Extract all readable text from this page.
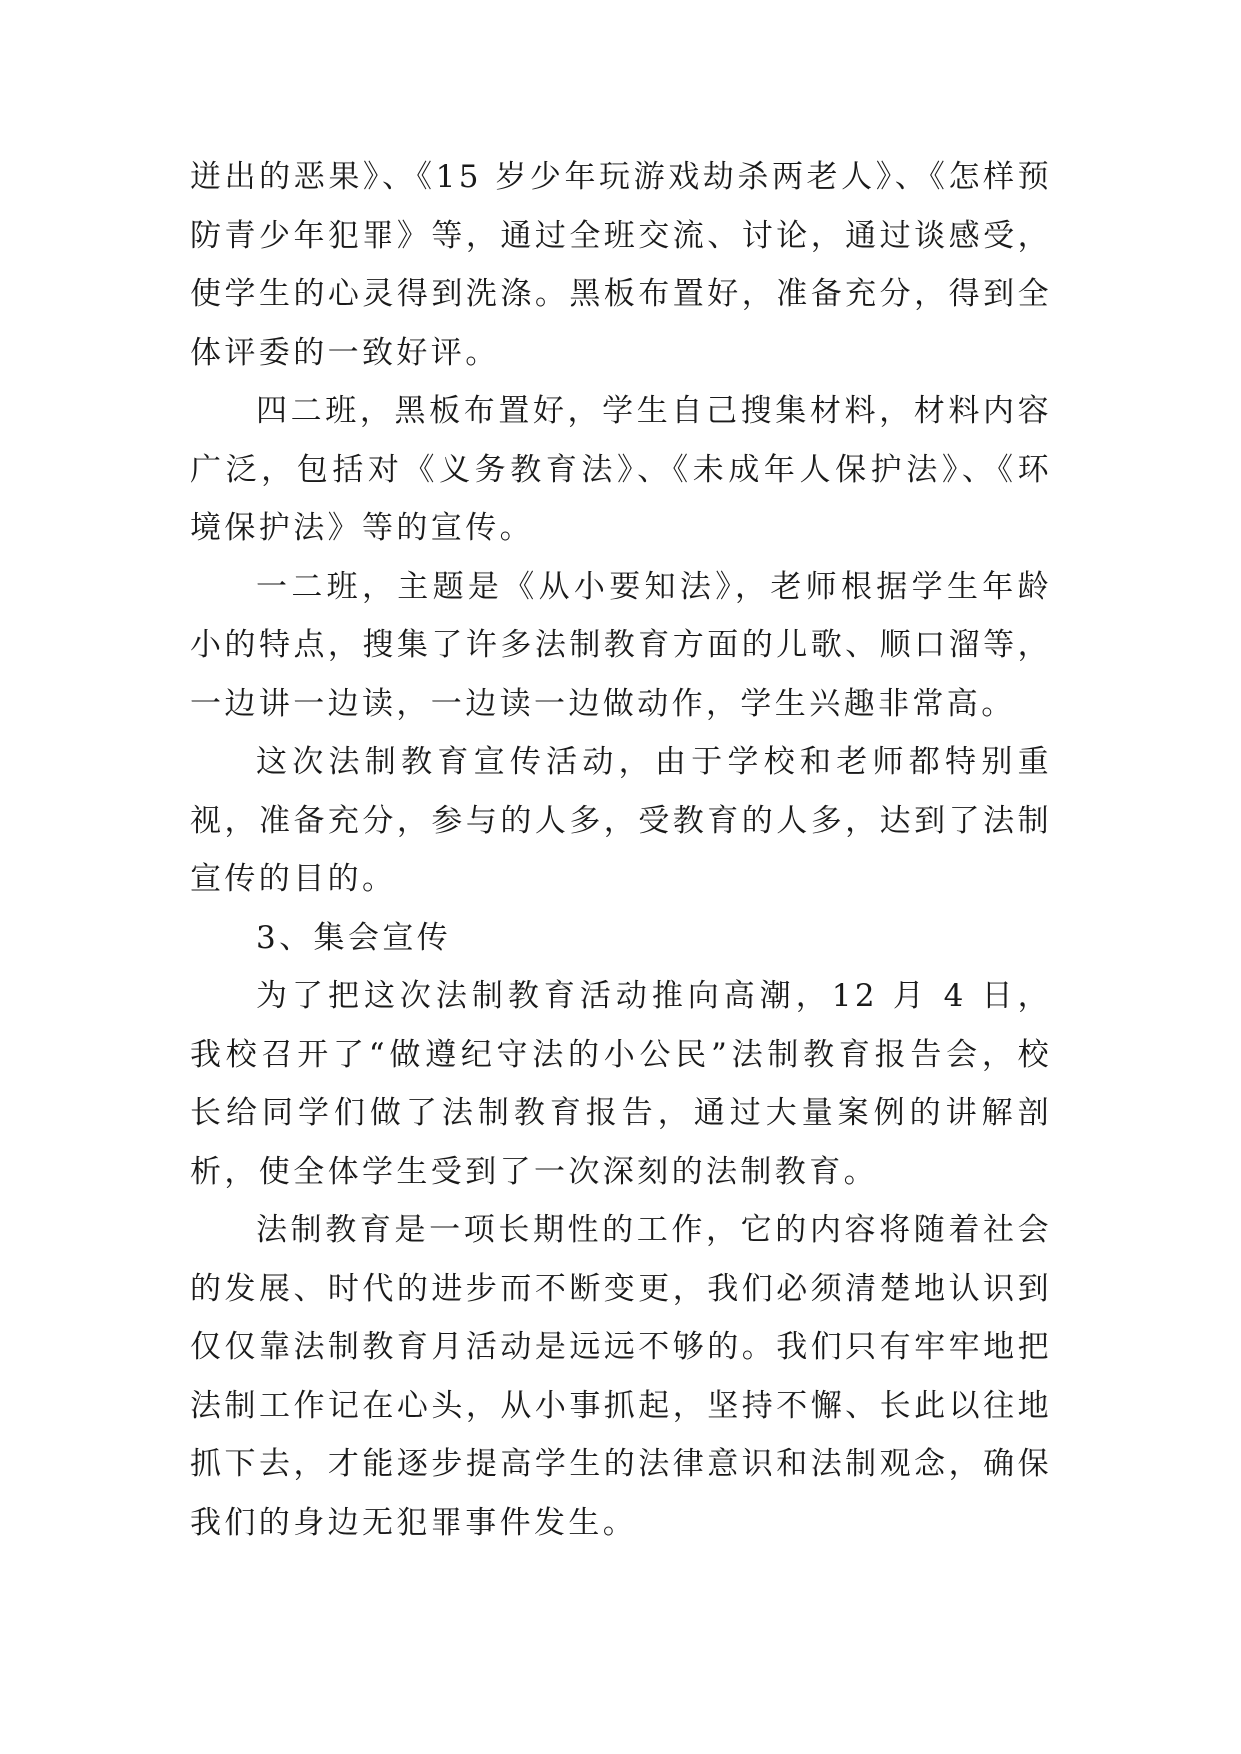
迸出的恶果》、《15 岁少年玩游戏劫杀两老人》、《怎样预防青少年犯罪》等，通过全班交流、讨论，通过谈感受，使学生的心灵得到洗涤。黑板布置好，准备充分，得到全体评委的一致好评。

四二班，黑板布置好，学生自己搜集材料，材料内容广泛，包括对《义务教育法》、《未成年人保护法》、《环境保护法》等的宣传。

一二班，主题是《从小要知法》，老师根据学生年龄小的特点，搜集了许多法制教育方面的儿歌、顺口溜等，一边讲一边读，一边读一边做动作，学生兴趣非常高。

这次法制教育宣传活动，由于学校和老师都特别重视，准备充分，参与的人多，受教育的人多，达到了法制宣传的目的。

3、集会宣传

为了把这次法制教育活动推向高潮，12 月 4 日，我校召开了“做遵纪守法的小公民”法制教育报告会，校长给同学们做了法制教育报告，通过大量案例的讲解剖析，使全体学生受到了一次深刻的法制教育。

法制教育是一项长期性的工作，它的内容将随着社会的发展、时代的进步而不断变更，我们必须清楚地认识到仅仅靠法制教育月活动是远远不够的。我们只有牢牢地把法制工作记在心头，从小事抓起，坚持不懈、长此以往地抓下去，才能逐步提高学生的法律意识和法制观念，确保我们的身边无犯罪事件发生。
